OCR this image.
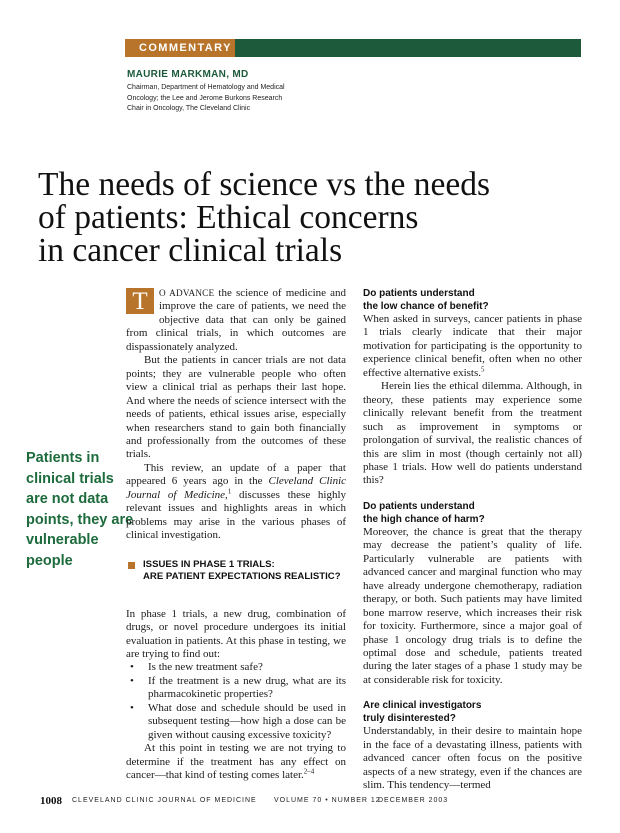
COMMENTARY
MAURIE MARKMAN, MD
Chairman, Department of Hematology and Medical
Oncology; the Lee and Jerome Burkons Research
Chair in Oncology, The Cleveland Clinic
The needs of science vs the needs
of patients: Ethical concerns
in cancer clinical trials
Patients in
clinical trials
are not data
points, they are
vulnerable
people

T	O ADVANCE the science of medicine and improve the care of patients, we need the objective data that can only be gained from clinical trials, in which outcomes are dispassionately analyzed.

But the patients in cancer trials are not data points; they are vulnerable people who often view a clinical trial as perhaps their last hope. And where the needs of science intersect with the needs of patients, ethical issues arise, especially when researchers stand to gain both financially and professionally from the outcomes of these trials.

This review, an update of a paper that appeared 6 years ago in the Cleveland Clinic Journal of Medicine,$^1$ discusses these highly relevant issues and highlights areas in which problems may arise in the various phases of clinical investigation.

ISSUES IN PHASE 1 TRIALS:
ARE PATIENT EXPECTATIONS REALISTIC?

In phase 1 trials, a new drug, combination of drugs, or novel procedure undergoes its initial evaluation in patients. At this phase in testing, we are trying to find out:

• Is the new treatment safe?
• If the treatment is a new drug, what are its pharmacokinetic properties?
• What dose and schedule should be used in subsequent testing—how high a dose can be given without causing excessive toxicity?

At this point in testing we are not trying to determine if the treatment has any effect on cancer—that kind of testing comes later.$^{2-4}$

Do patients understand
the low chance of benefit?

When asked in surveys, cancer patients in phase 1 trials clearly indicate that their major motivation for participating is the opportunity to experience clinical benefit, often when no other effective alternative exists.$^5$

Herein lies the ethical dilemma. Although, in theory, these patients may experience some clinically relevant benefit from the treatment such as improvement in symptoms or prolongation of survival, the realistic chances of this are slim in most (though certainly not all) phase 1 trials. How well do patients understand this?

Do patients understand
the high chance of harm?

Moreover, the chance is great that the therapy may decrease the patient’s quality of life. Particularly vulnerable are patients with advanced cancer and marginal function who may have already undergone chemotherapy, radiation therapy, or both. Such patients may have limited bone marrow reserve, which increases their risk for toxicity. Furthermore, since a major goal of phase 1 oncology drug trials is to define the optimal dose and schedule, patients treated during the later stages of a phase 1 study may be at considerable risk for toxicity.

Are clinical investigators
truly disinterested?

Understandably, in their desire to maintain hope in the face of a devastating illness, patients with advanced cancer often focus on the positive aspects of a new strategy, even if the chances are slim. This tendency—termed

1008 CLEVELAND CLINIC JOURNAL OF MEDICINE VOLUME 70 • NUMBER 12
DECEMBER 2003
